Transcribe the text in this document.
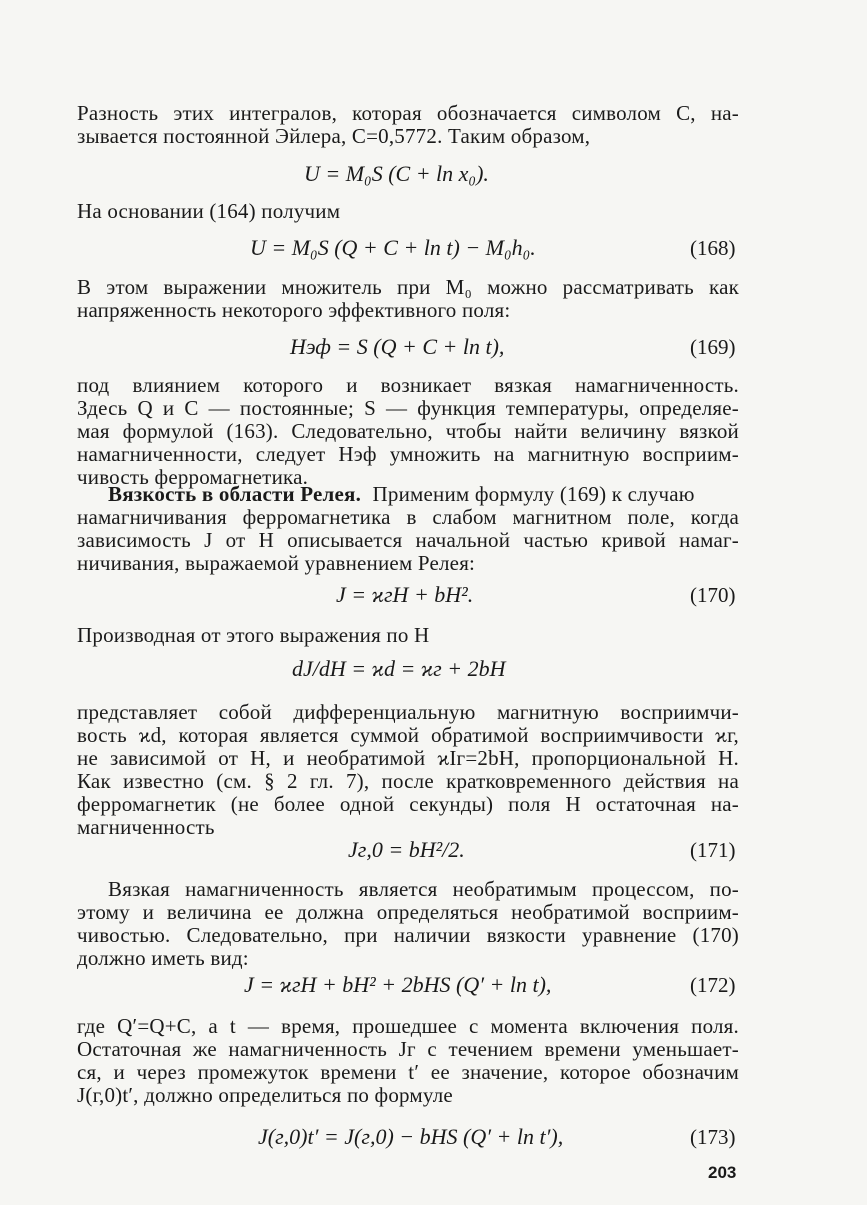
Разность этих интегралов, которая обозначается символом C, на-
зывается постоянной Эйлера, C=0,5772. Таким образом,
U = M₀S (C + ln x₀).
На основании (164) получим
U = M₀S (Q + C + ln t) − M₀h₀.	(168)
В этом выражении множитель при M₀ можно рассматривать как
напряженность некоторого эффективного поля:
Hэф = S (Q + C + ln t),	(169)
под влиянием которого и возникает вязкая намагниченность.
Здесь Q и C — постоянные; S — функция температуры, определяе-
мая формулой (163). Следовательно, чтобы найти величину вязкой
намагниченности, следует Hэф умножить на магнитную восприим-
чивость ферромагнетика.
Вязкость в области Релея. Применим формулу (169) к случаю
намагничивания ферромагнетика в слабом магнитном поле, когда
зависимость J от H описывается начальной частью кривой намаг-
ничивания, выражаемой уравнением Релея:
J = ϰгH + bH².	(170)
Производная от этого выражения по H
dJ/dH = ϰd = ϰг + 2bH
представляет собой дифференциальную магнитную восприимчи-
вость ϰd, которая является суммой обратимой восприимчивости ϰг,
не зависимой от H, и необратимой ϰIг=2bH, пропорциональной H.
Как известно (см. § 2 гл. 7), после кратковременного действия на
ферромагнетик (не более одной секунды) поля H остаточная на-
магниченность
Jг,0 = bH²/2.	(171)
Вязкая намагниченность является необратимым процессом, по-
этому и величина ее должна определяться необратимой восприим-
чивостью. Следовательно, при наличии вязкости уравнение (170)
должно иметь вид:
J = ϰгH + bH² + 2bHS (Q′ + ln t),	(172)
где Q′=Q+C, а t — время, прошедшее с момента включения поля.
Остаточная же намагниченность Jг с течением времени уменьшает-
ся, и через промежуток времени t′ ее значение, которое обозначим
J(г,0)t′, должно определиться по формуле
J(г,0)t′ = J(г,0) − bHS (Q′ + ln t′),	(173)
203
